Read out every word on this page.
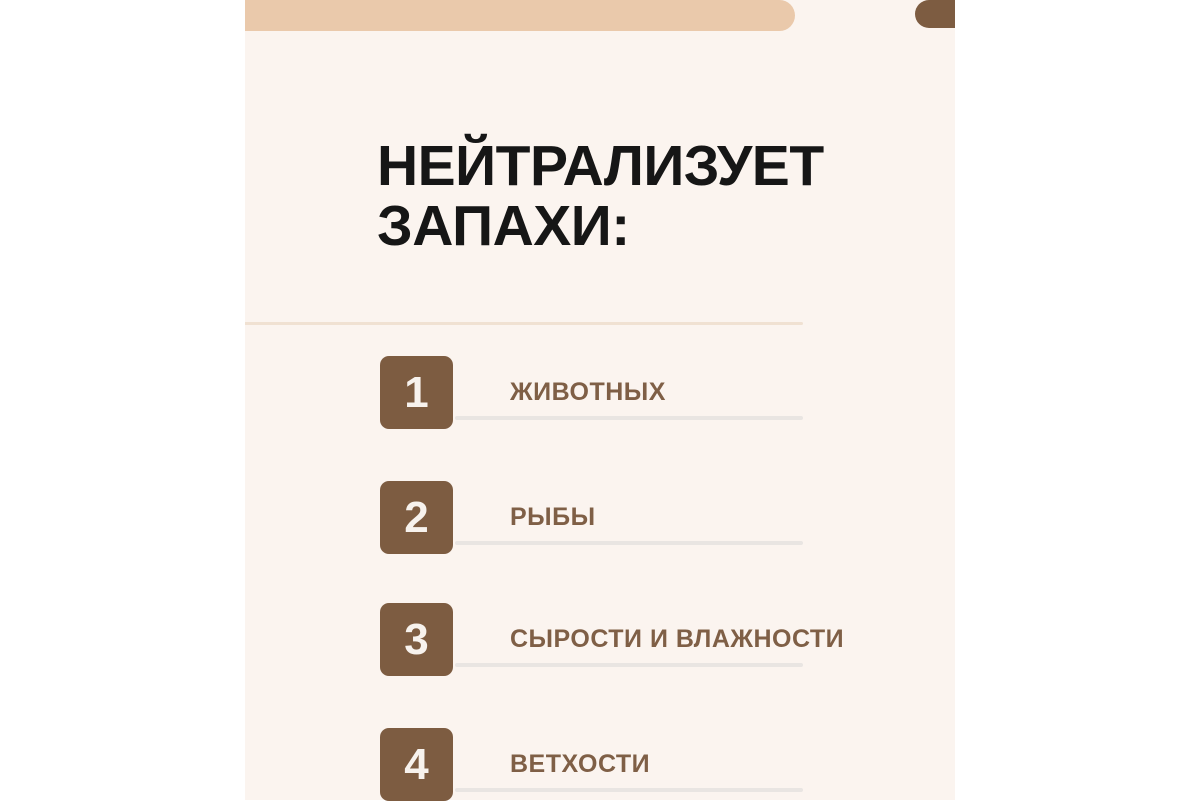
НЕЙТРАЛИЗУЕТ
ЗАПАХИ:
1	ЖИВОТНЫХ
2	РЫБЫ
3	СЫРОСТИ И ВЛАЖНОСТИ
4	ВЕТХОСТИ
